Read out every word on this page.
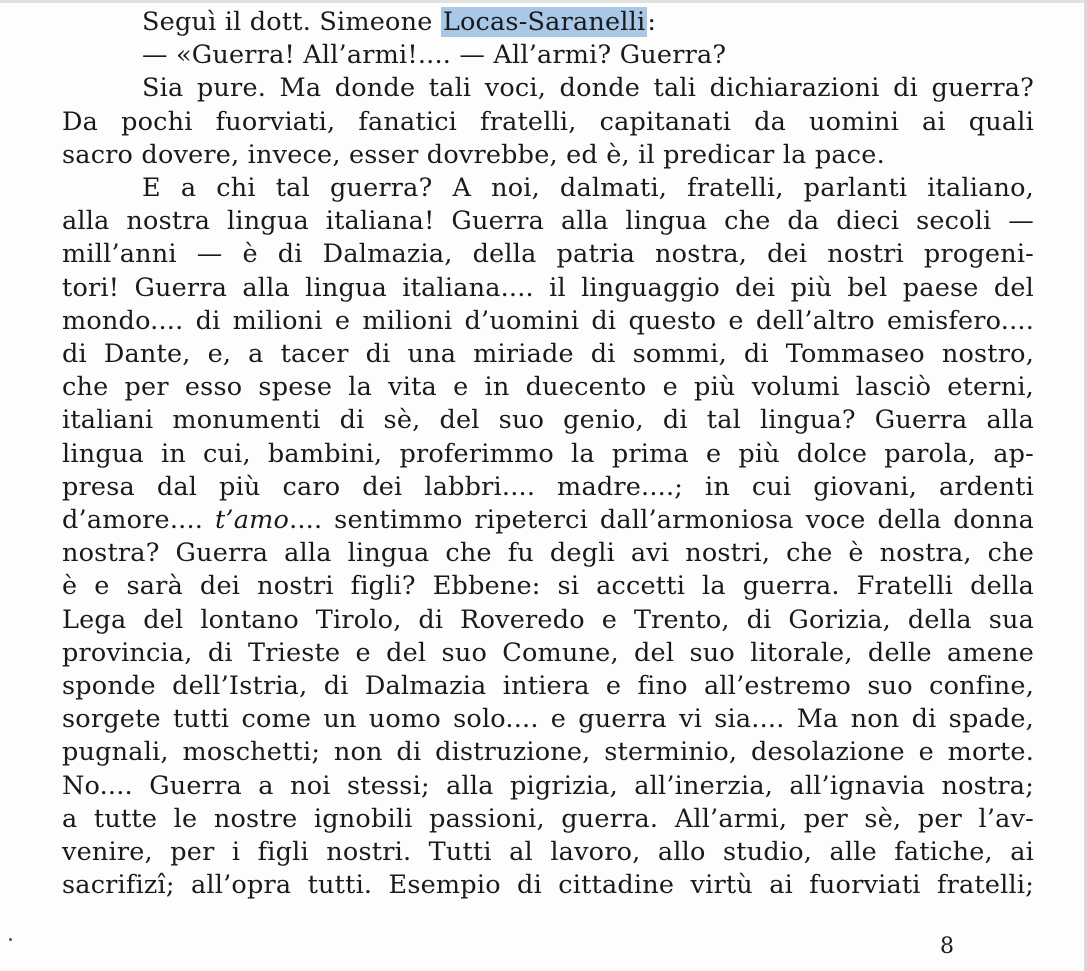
Seguì il dott. Simeone Locas-Saranelli:
— «Guerra! All’armi!.... — All’armi? Guerra?
Sia pure. Ma donde tali voci, donde tali dichiarazioni di guerra?
Da pochi fuorviati, fanatici fratelli, capitanati da uomini ai quali
sacro dovere, invece, esser dovrebbe, ed è, il predicar la pace.
E a chi tal guerra? A noi, dalmati, fratelli, parlanti italiano,
alla nostra lingua italiana! Guerra alla lingua che da dieci secoli —
mill’anni — è di Dalmazia, della patria nostra, dei nostri progeni-
tori! Guerra alla lingua italiana.... il linguaggio dei più bel paese del
mondo.... di milioni e milioni d’uomini di questo e dell’altro emisfero....
di Dante, e, a tacer di una miriade di sommi, di Tommaseo nostro,
che per esso spese la vita e in duecento e più volumi lasciò eterni,
italiani monumenti di sè, del suo genio, di tal lingua? Guerra alla
lingua in cui, bambini, proferimmo la prima e più dolce parola, ap-
presa dal più caro dei labbri.... madre....; in cui giovani, ardenti
d’amore.... t’amo.... sentimmo ripeterci dall’armoniosa voce della donna
nostra? Guerra alla lingua che fu degli avi nostri, che è nostra, che
è e sarà dei nostri figli? Ebbene: si accetti la guerra. Fratelli della
Lega del lontano Tirolo, di Roveredo e Trento, di Gorizia, della sua
provincia, di Trieste e del suo Comune, del suo litorale, delle amene
sponde dell’Istria, di Dalmazia intiera e fino all’estremo suo confine,
sorgete tutti come un uomo solo.... e guerra vi sia.... Ma non di spade,
pugnali, moschetti; non di distruzione, sterminio, desolazione e morte.
No.... Guerra a noi stessi; alla pigrizia, all’inerzia, all’ignavia nostra;
a tutte le nostre ignobili passioni, guerra. All’armi, per sè, per l’av-
venire, per i figli nostri. Tutti al lavoro, allo studio, alle fatiche, ai
sacrifizî; all’opra tutti. Esempio di cittadine virtù ai fuorviati fratelli;
8
